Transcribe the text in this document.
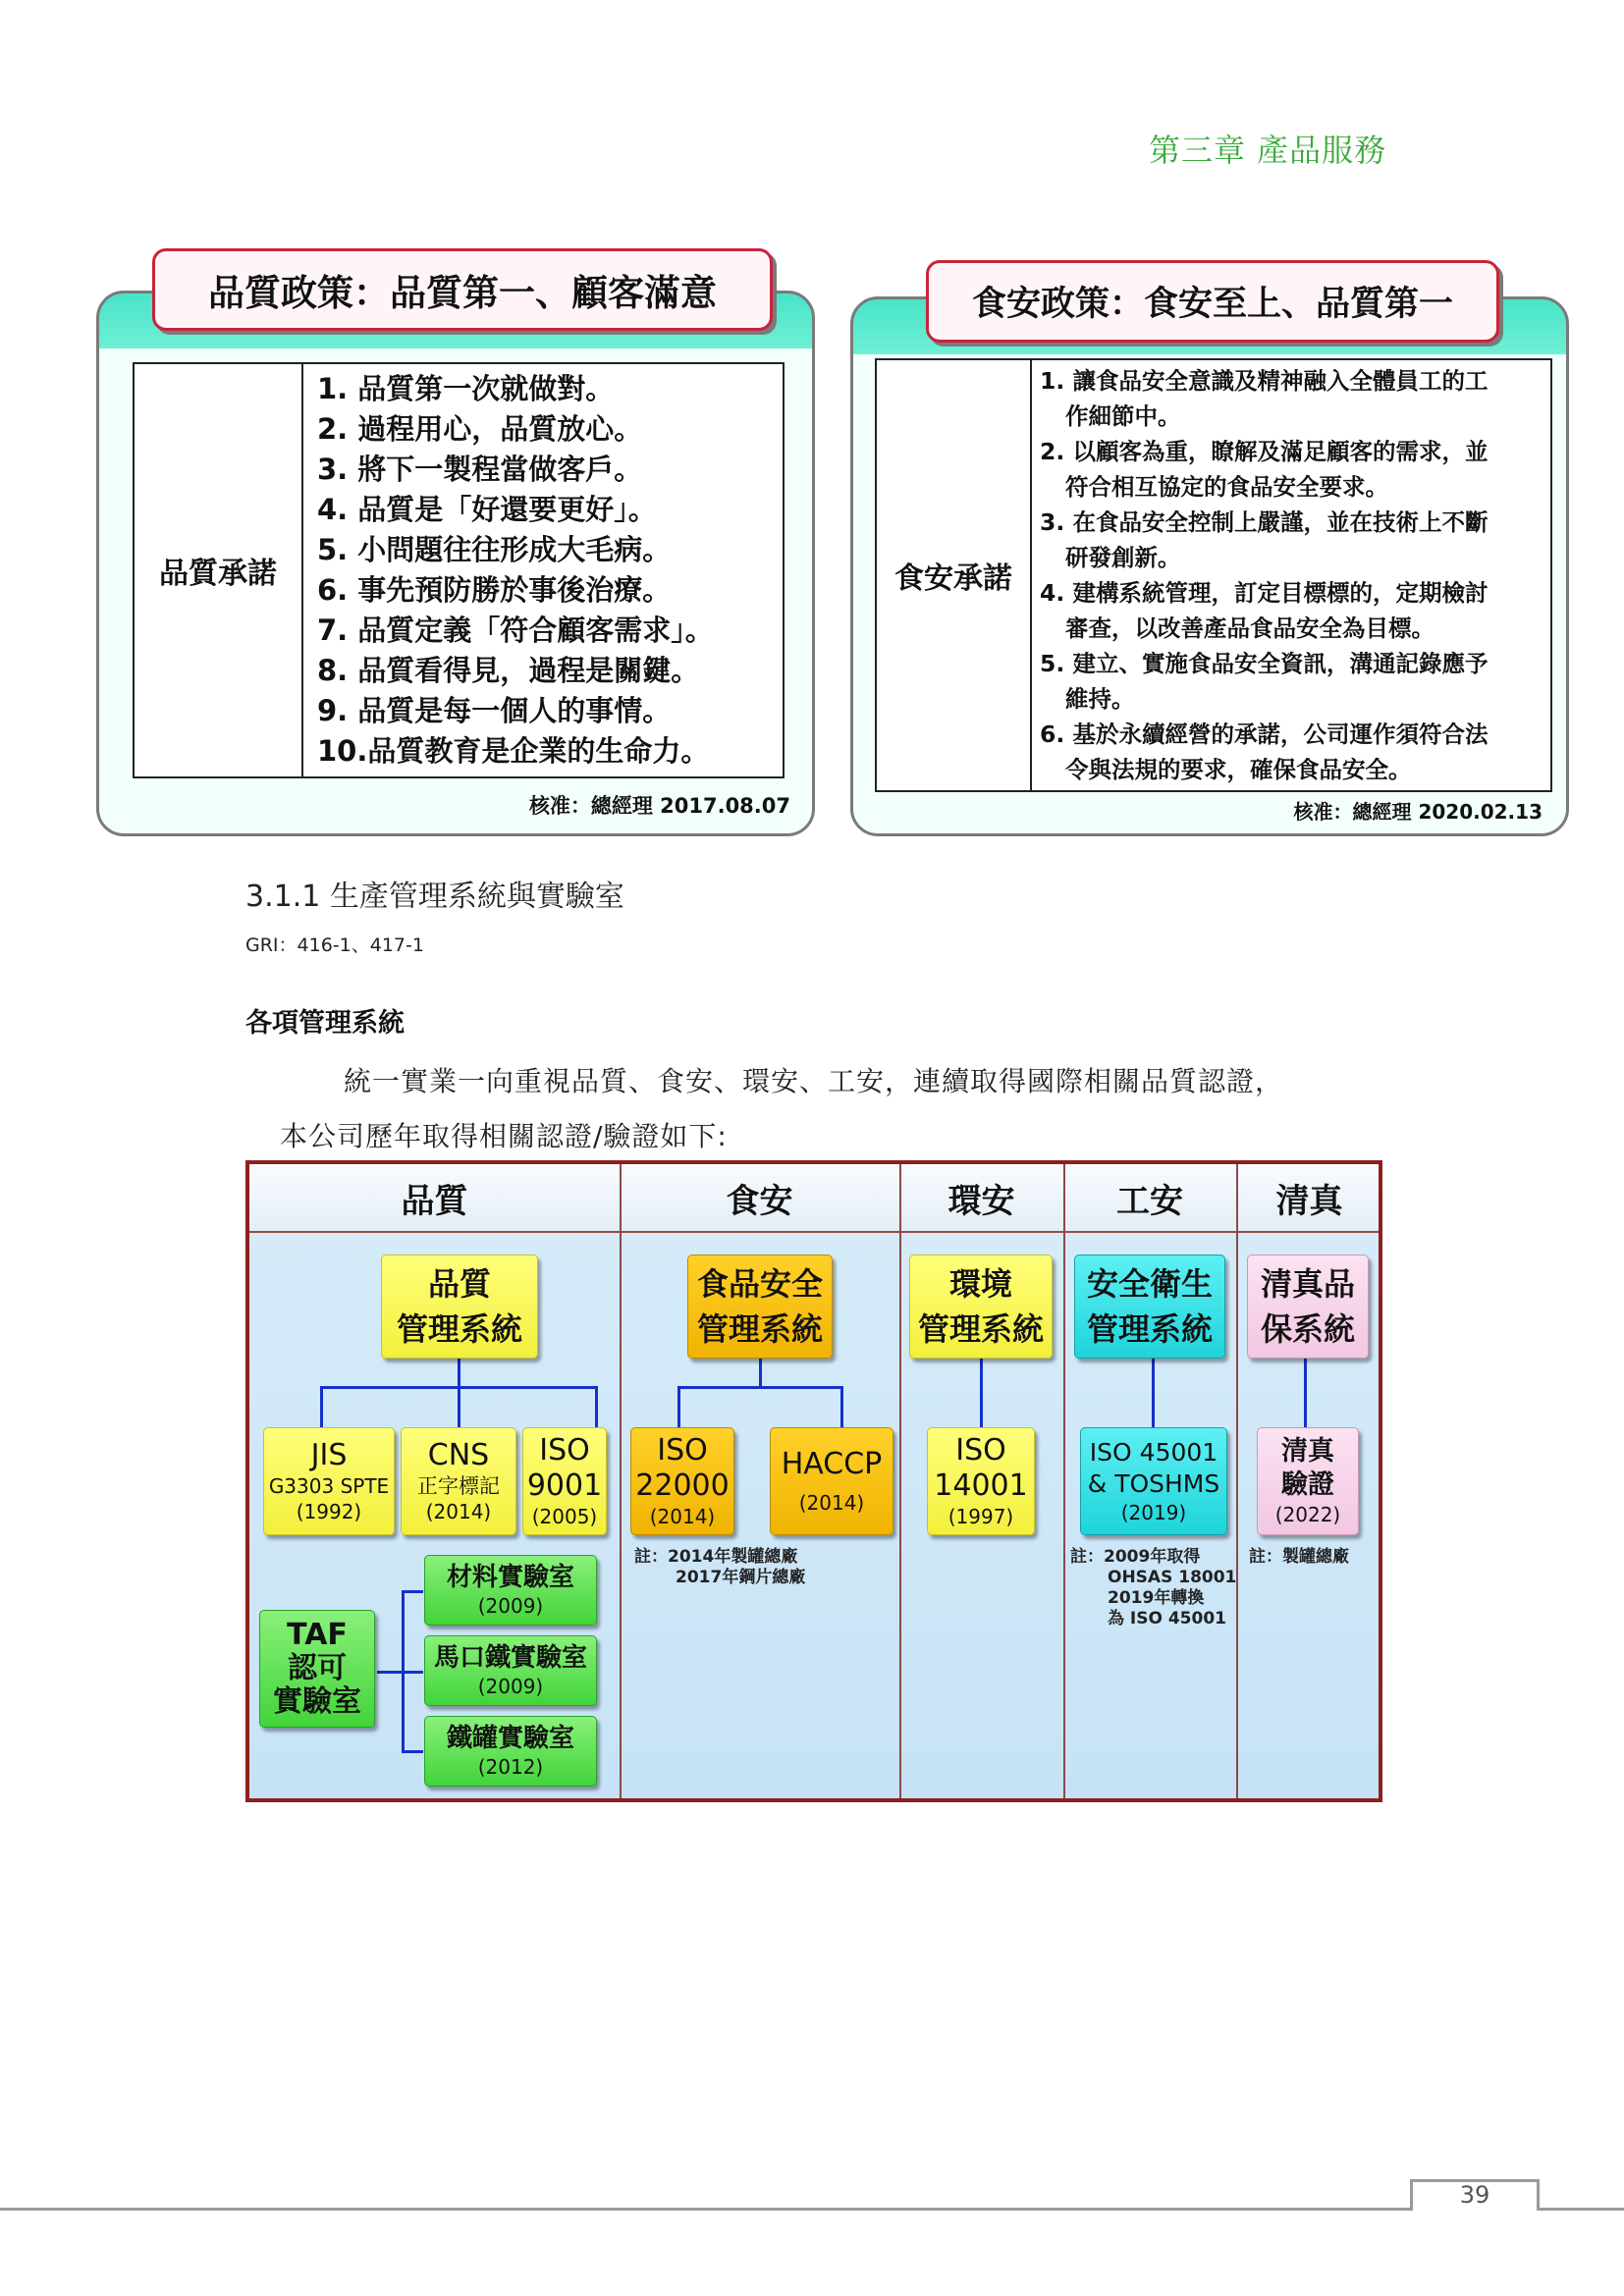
第三章 產品服務
品質政策：品質第一、顧客滿意
品質承諾	
1. 品質第一次就做對。
2. 過程用心，品質放心。
3. 將下一製程當做客戶。
4. 品質是「好還要更好」。
5. 小問題往往形成大毛病。
6. 事先預防勝於事後治療。
7. 品質定義「符合顧客需求」。
8. 品質看得見，過程是關鍵。
9. 品質是每一個人的事情。
10.品質教育是企業的生命力。
核准：總經理 2017.08.07
食安政策：食安至上、品質第一
食安承諾	
1. 讓食品安全意識及精神融入全體員工的工
作細節中。
2. 以顧客為重，瞭解及滿足顧客的需求，並
符合相互協定的食品安全要求。
3. 在食品安全控制上嚴謹，並在技術上不斷
研發創新。
4. 建構系統管理，訂定目標標的，定期檢討
審查，以改善產品食品安全為目標。
5. 建立、實施食品安全資訊，溝通記錄應予
維持。
6. 基於永續經營的承諾，公司運作須符合法
令與法規的要求，確保食品安全。
核准：總經理 2020.02.13
3.1.1 生產管理系統與實驗室
GRI：416-1、417-1
各項管理系統
統一實業一向重視品質、食安、環安、工安，連續取得國際相關品質認證，
本公司歷年取得相關認證/驗證如下:
品質	食安	環安	工安	清真
品質
管理系統
JIS
G3303 SPTE
(1992)
CNS
正字標記
(2014)
ISO
9001
(2005)
TAF
認可
實驗室
材料實驗室
(2009)
馬口鐵實驗室
(2009)
鐵罐實驗室
(2012)
食品安全
管理系統
ISO
22000
(2014)
HACCP
(2014)
註：2014年製罐總廠
2017年鋼片總廠
環境
管理系統
ISO
14001
(1997)
安全衛生
管理系統
ISO 45001
& TOSHMS
(2019)
註：2009年取得
OHSAS 18001
2019年轉換
為 ISO 45001
清真品
保系統
清真
驗證
(2022)
註：製罐總廠
39
